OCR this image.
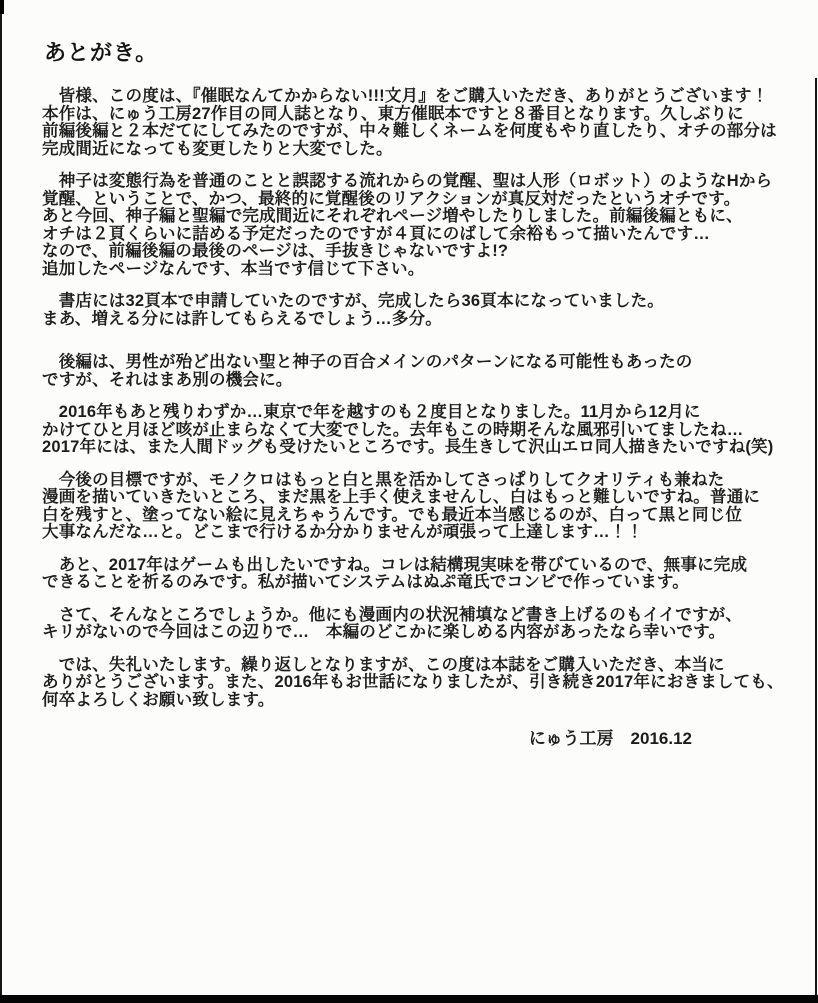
あとがき。
　皆様、この度は、『催眠なんてかからない!!!文月』をご購入いただき、ありがとうございます！
本作は、にゅう工房27作目の同人誌となり、東方催眠本ですと８番目となります。久しぶりに
前編後編と２本だてにしてみたのですが、中々難しくネームを何度もやり直したり、オチの部分は
完成間近になっても変更したりと大変でした。
　神子は変態行為を普通のことと誤認する流れからの覚醒、聖は人形（ロボット）のようなHから
覚醒、ということで、かつ、最終的に覚醒後のリアクションが真反対だったというオチです。
あと今回、神子編と聖編で完成間近にそれぞれページ増やしたりしました。前編後編ともに、
オチは２頁くらいに詰める予定だったのですが４頁にのばして余裕もって描いたんです…
なので、前編後編の最後のページは、手抜きじゃないですよ!?
追加したページなんです、本当です信じて下さい。
　書店には32頁本で申請していたのですが、完成したら36頁本になっていました。
まあ、増える分には許してもらえるでしょう…多分。
　後編は、男性が殆ど出ない聖と神子の百合メインのパターンになる可能性もあったの
ですが、それはまあ別の機会に。
　2016年もあと残りわずか…東京で年を越すのも２度目となりました。11月から12月に
かけてひと月ほど咳が止まらなくて大変でした。去年もこの時期そんな風邪引いてましたね…
2017年には、また人間ドッグも受けたいところです。長生きして沢山エロ同人描きたいですね(笑)
　今後の目標ですが、モノクロはもっと白と黒を活かしてさっぱりしてクオリティも兼ねた
漫画を描いていきたいところ、まだ黒を上手く使えませんし、白はもっと難しいですね。普通に
白を残すと、塗ってない絵に見えちゃうんです。でも最近本当感じるのが、白って黒と同じ位
大事なんだな…と。どこまで行けるか分かりませんが頑張って上達します…！！
　あと、2017年はゲームも出したいですね。コレは結構現実味を帯びているので、無事に完成
できることを祈るのみです。私が描いてシステムはぬぷ竜氏でコンビで作っています。
　さて、そんなところでしょうか。他にも漫画内の状況補填など書き上げるのもイイですが、
キリがないので今回はこの辺りで…　本編のどこかに楽しめる内容があったなら幸いです。
　では、失礼いたします。繰り返しとなりますが、この度は本誌をご購入いただき、本当に
ありがとうございます。また、2016年もお世話になりましたが、引き続き2017年におきましても、
何卒よろしくお願い致します。
にゅう工房　2016.12
